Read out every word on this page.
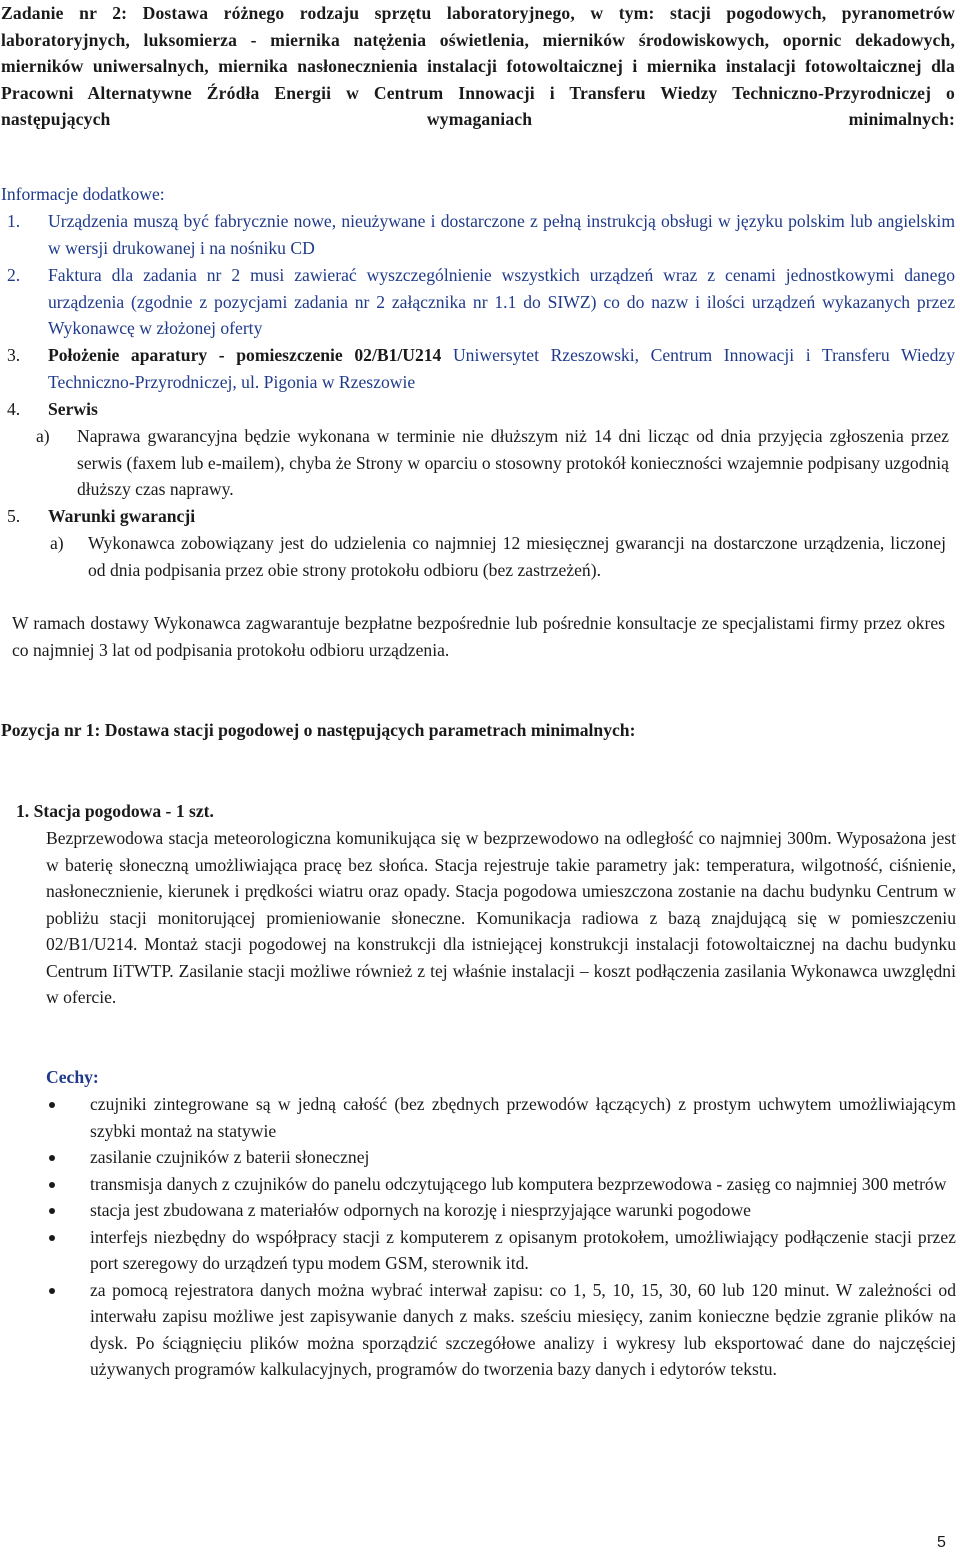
Zadanie nr 2: Dostawa różnego rodzaju sprzętu laboratoryjnego, w tym: stacji pogodowych, pyranometrów laboratoryjnych, luksomierza - miernika natężenia oświetlenia, mierników środowiskowych, opornic dekadowych, mierników uniwersalnych, miernika nasłonecznienia instalacji fotowoltaicznej i miernika instalacji fotowoltaicznej dla Pracowni Alternatywne Źródła Energii w Centrum Innowacji i Transferu Wiedzy Techniczno-Przyrodniczej o następujących wymaganiach minimalnych:
Informacje dodatkowe:
1. Urządzenia muszą być fabrycznie nowe, nieużywane i dostarczone z pełną instrukcją obsługi w języku polskim lub angielskim w wersji drukowanej i na nośniku CD
2. Faktura dla zadania nr 2 musi zawierać wyszczególnienie wszystkich urządzeń wraz z cenami jednostkowymi danego urządzenia (zgodnie z pozycjami zadania nr 2 załącznika nr 1.1 do SIWZ) co do nazw i ilości urządzeń wykazanych przez Wykonawcę w złożonej oferty
3. Położenie aparatury - pomieszczenie 02/B1/U214 Uniwersytet Rzeszowski, Centrum Innowacji i Transferu Wiedzy Techniczno-Przyrodniczej, ul. Pigonia w Rzeszowie
4. Serwis
a) Naprawa gwarancyjna będzie wykonana w terminie nie dłuższym niż 14 dni licząc od dnia przyjęcia zgłoszenia przez serwis (faxem lub e-mailem), chyba że Strony w oparciu o stosowny protokół konieczności wzajemnie podpisany uzgodnią dłuższy czas naprawy.
5. Warunki gwarancji
a) Wykonawca zobowiązany jest do udzielenia co najmniej 12 miesięcznej gwarancji na dostarczone urządzenia, liczonej od dnia podpisania przez obie strony protokołu odbioru (bez zastrzeżeń).
W ramach dostawy Wykonawca zagwarantuje bezpłatne bezpośrednie lub pośrednie konsultacje ze specjalistami firmy przez okres co najmniej 3 lat od podpisania protokołu odbioru urządzenia.
Pozycja nr 1: Dostawa stacji pogodowej o następujących parametrach minimalnych:
1. Stacja pogodowa - 1 szt.
Bezprzewodowa stacja meteorologiczna komunikująca się w bezprzewodowo na odległość co najmniej 300m. Wyposażona jest w baterię słoneczną umożliwiająca pracę bez słońca. Stacja rejestruje takie parametry jak: temperatura, wilgotność, ciśnienie, nasłonecznienie, kierunek i prędkości wiatru oraz opady. Stacja pogodowa umieszczona zostanie na dachu budynku Centrum w pobliżu stacji monitorującej promieniowanie słoneczne. Komunikacja radiowa z bazą znajdującą się w pomieszczeniu 02/B1/U214. Montaż stacji pogodowej na konstrukcji dla istniejącej konstrukcji instalacji fotowoltaicznej na dachu budynku Centrum IiTWTP. Zasilanie stacji możliwe również z tej właśnie instalacji – koszt podłączenia zasilania Wykonawca uwzględni w ofercie.
Cechy:
czujniki zintegrowane są w jedną całość (bez zbędnych przewodów łączących) z prostym uchwytem umożliwiającym szybki montaż na statywie
zasilanie czujników z baterii słonecznej
transmisja danych z czujników do panelu odczytującego lub komputera bezprzewodowa - zasięg co najmniej 300 metrów
stacja jest zbudowana z materiałów odpornych na korozję i niesprzyjające warunki pogodowe
interfejs niezbędny do współpracy stacji z komputerem z opisanym protokołem, umożliwiający podłączenie stacji przez port szeregowy do urządzeń typu modem GSM, sterownik itd.
za pomocą rejestratora danych można wybrać interwał zapisu: co 1, 5, 10, 15, 30, 60 lub 120 minut. W zależności od interwału zapisu możliwe jest zapisywanie danych z maks. sześciu miesięcy, zanim konieczne będzie zgranie plików na dysk. Po ściągnięciu plików można sporządzić szczegółowe analizy i wykresy lub eksportować dane do najczęściej używanych programów kalkulacyjnych, programów do tworzenia bazy danych i edytorów tekstu.
5
